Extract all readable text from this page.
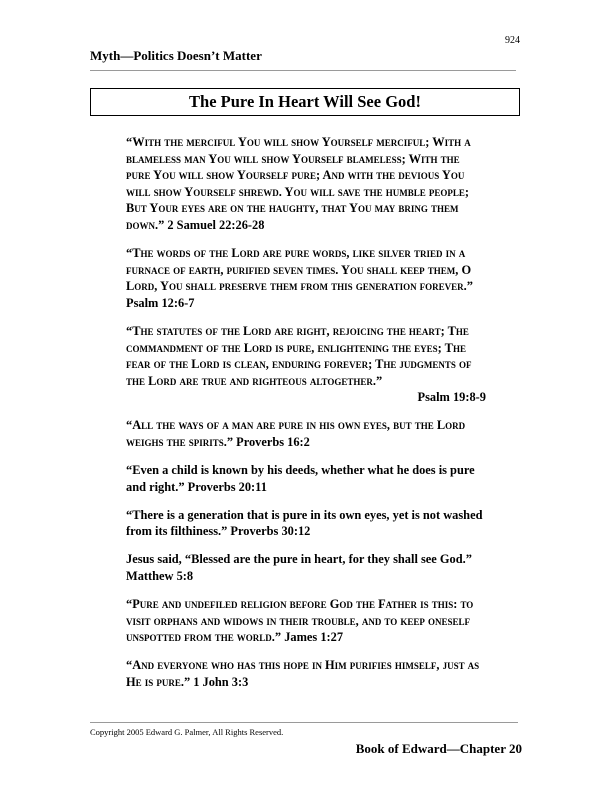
924
Myth—Politics Doesn’t Matter
The Pure In Heart Will See God!

“With the merciful You will show Yourself merciful; With a blameless man You will show Yourself blameless; With the pure You will show Yourself pure; And with the devious You will show Yourself shrewd. You will save the humble people; But Your eyes are on the haughty, that You may bring them down.” 2 Samuel 22:26-28

“The words of the Lord are pure words, like silver tried in a furnace of earth, purified seven times. You shall keep them, O Lord, You shall preserve them from this generation forever.” Psalm 12:6-7

“The statutes of the Lord are right, rejoicing the heart; The commandment of the Lord is pure, enlightening the eyes; The fear of the Lord is clean, enduring forever; The judgments of the Lord are true and righteous altogether.”
Psalm 19:8-9

“All the ways of a man are pure in his own eyes, but the Lord weighs the spirits.” Proverbs 16:2

“Even a child is known by his deeds, whether what he does is pure and right.” Proverbs 20:11

“There is a generation that is pure in its own eyes, yet is not washed from its filthiness.” Proverbs 30:12

Jesus said, “Blessed are the pure in heart, for they shall see God.” Matthew 5:8

“Pure and undefiled religion before God the Father is this: to visit orphans and widows in their trouble, and to keep oneself unspotted from the world.” James 1:27

“And everyone who has this hope in Him purifies himself, just as He is pure.” 1 John 3:3

Copyright 2005 Edward G. Palmer, All Rights Reserved.
Book of Edward—Chapter 20
